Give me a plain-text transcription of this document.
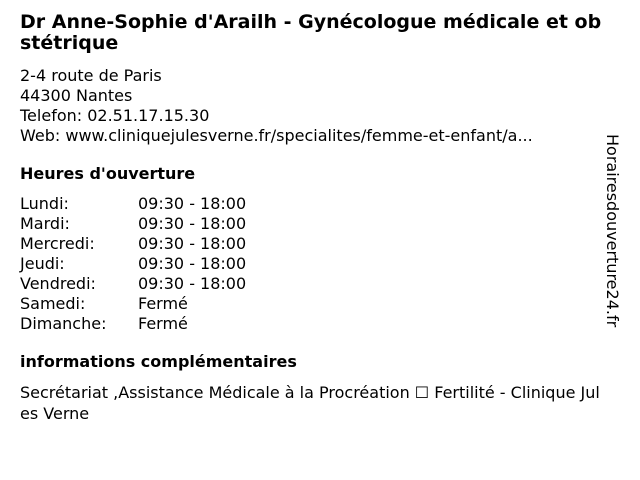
Dr Anne-Sophie d'Arailh - Gynécologue médicale et obstétrique
2-4 route de Paris
44300 Nantes
Telefon: 02.51.17.15.30
Web: www.cliniquejulesverne.fr/specialites/femme-et-enfant/a...
Heures d'ouverture
Lundi:	09:30 - 18:00
Mardi:	09:30 - 18:00
Mercredi:	09:30 - 18:00
Jeudi:	09:30 - 18:00
Vendredi:	09:30 - 18:00
Samedi:	Fermé
Dimanche:	Fermé
informations complémentaires
Secrétariat ,Assistance Médicale à la Procréation ☐ Fertilité - Clinique Jules Verne
Horairesdouverture24.fr
